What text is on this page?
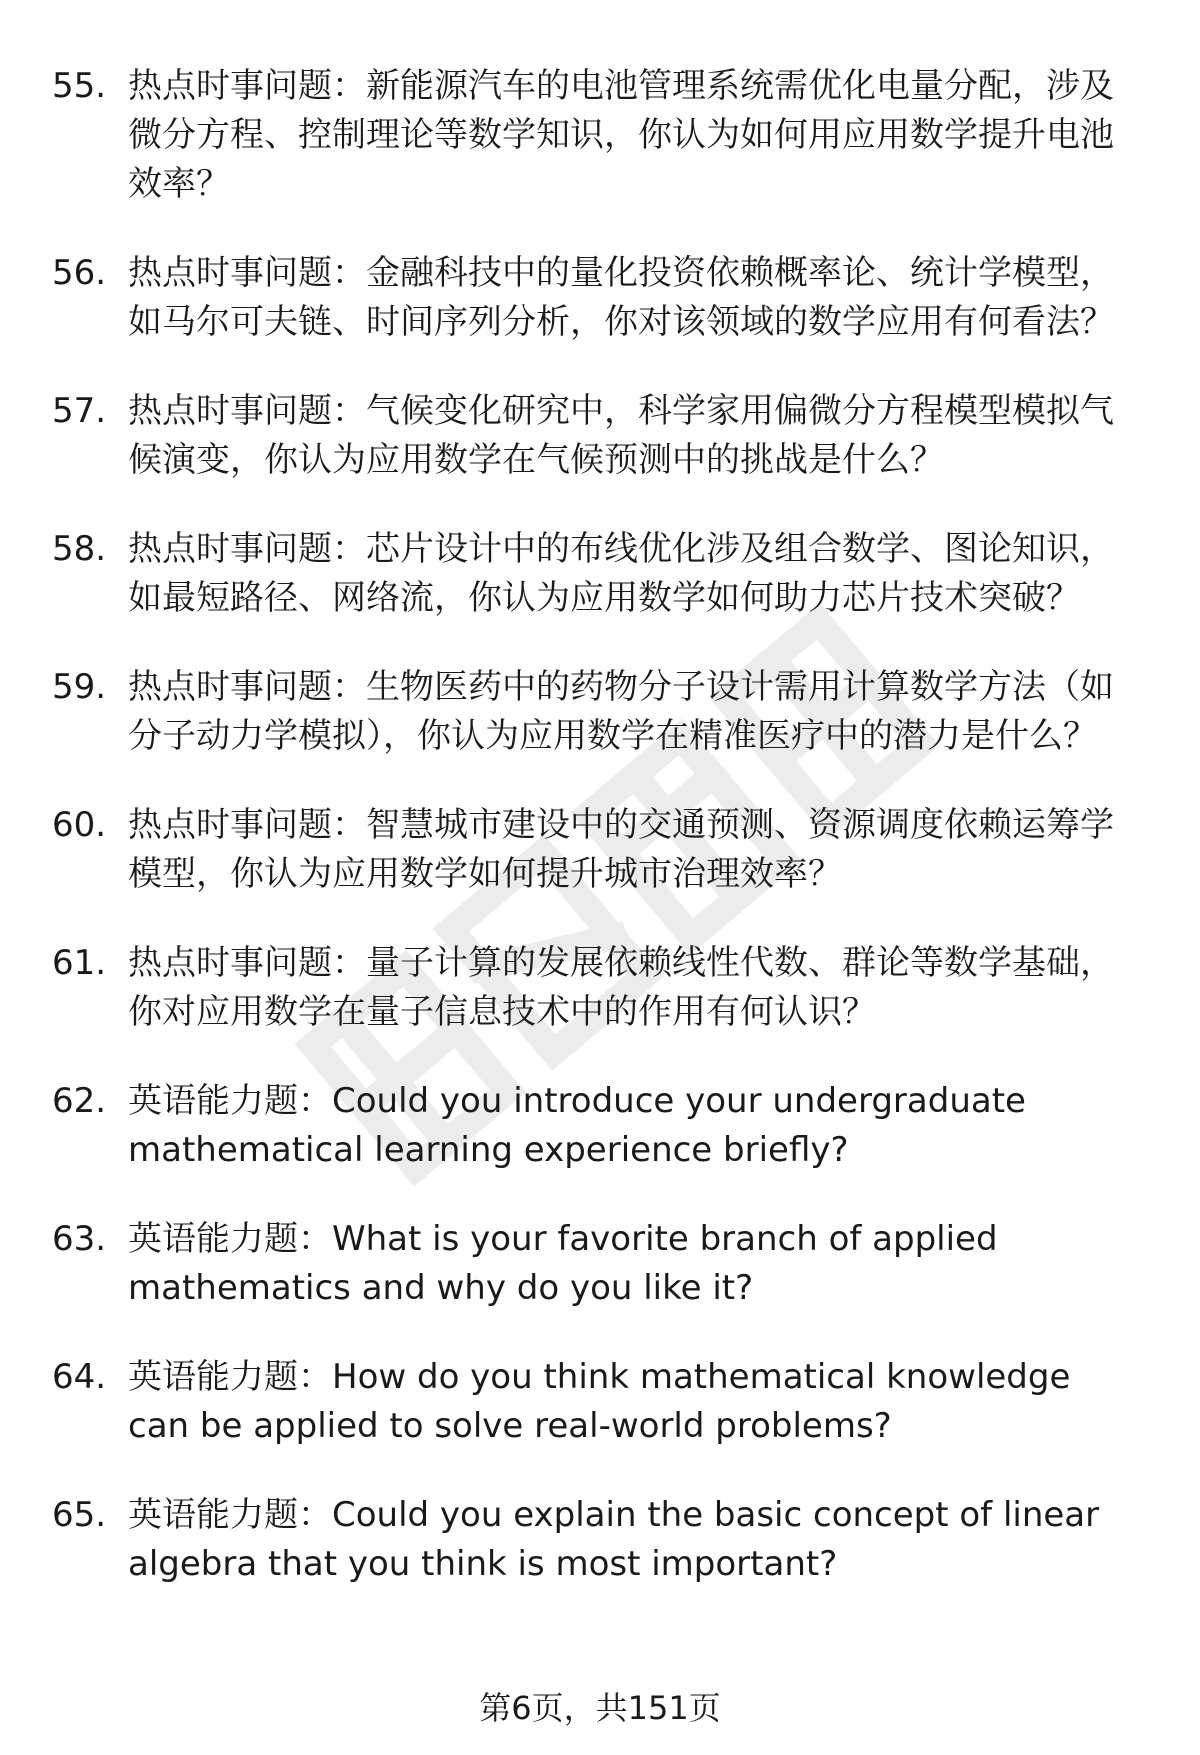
55. 热点时事问题：新能源汽车的电池管理系统需优化电量分配，涉及微分方程、控制理论等数学知识，你认为如何用应用数学提升电池效率？
56. 热点时事问题：金融科技中的量化投资依赖概率论、统计学模型，如马尔可夫链、时间序列分析，你对该领域的数学应用有何看法？
57. 热点时事问题：气候变化研究中，科学家用偏微分方程模型模拟气候演变，你认为应用数学在气候预测中的挑战是什么？
58. 热点时事问题：芯片设计中的布线优化涉及组合数学、图论知识，如最短路径、网络流，你认为应用数学如何助力芯片技术突破？
59. 热点时事问题：生物医药中的药物分子设计需用计算数学方法（如分子动力学模拟），你认为应用数学在精准医疗中的潜力是什么？
60. 热点时事问题：智慧城市建设中的交通预测、资源调度依赖运筹学模型，你认为应用数学如何提升城市治理效率？
61. 热点时事问题：量子计算的发展依赖线性代数、群论等数学基础，你对应用数学在量子信息技术中的作用有何认识？
62. 英语能力题：Could you introduce your undergraduate mathematical learning experience briefly?
63. 英语能力题：What is your favorite branch of applied mathematics and why do you like it?
64. 英语能力题：How do you think mathematical knowledge can be applied to solve real-world problems?
65. 英语能力题：Could you explain the basic concept of linear algebra that you think is most important?
第6页，共151页
